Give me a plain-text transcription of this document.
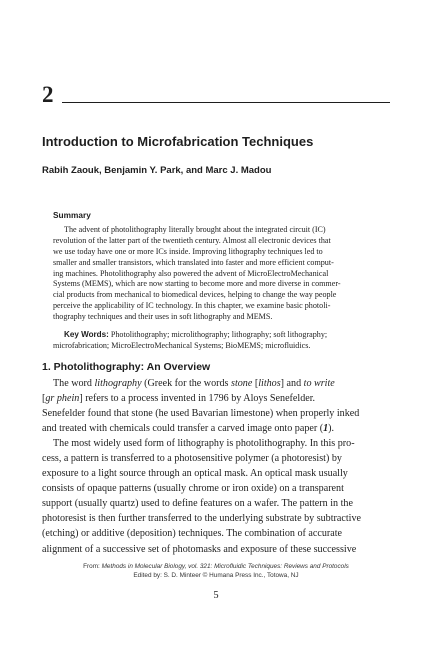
2
Introduction to Microfabrication Techniques
Rabih Zaouk, Benjamin Y. Park, and Marc J. Madou
Summary
The advent of photolithography literally brought about the integrated circuit (IC)
revolution of the latter part of the twentieth century. Almost all electronic devices that
we use today have one or more ICs inside. Improving lithography techniques led to
smaller and smaller transistors, which translated into faster and more efficient comput-
ing machines. Photolithography also powered the advent of MicroElectroMechanical
Systems (MEMS), which are now starting to become more and more diverse in commer-
cial products from mechanical to biomedical devices, helping to change the way people
perceive the applicability of IC technology. In this chapter, we examine basic photoli-
thography techniques and their uses in soft lithography and MEMS.
Key Words: Photolithography; microlithography; lithography; soft lithography;
microfabrication; MicroElectroMechanical Systems; BioMEMS; microfluidics.
1. Photolithography: An Overview
The word lithography (Greek for the words stone [lithos] and to write
[gr phein] refers to a process invented in 1796 by Aloys Senefelder.
Senefelder found that stone (he used Bavarian limestone) when properly inked
and treated with chemicals could transfer a carved image onto paper (1).
The most widely used form of lithography is photolithography. In this pro-
cess, a pattern is transferred to a photosensitive polymer (a photoresist) by
exposure to a light source through an optical mask. An optical mask usually
consists of opaque patterns (usually chrome or iron oxide) on a transparent
support (usually quartz) used to define features on a wafer. The pattern in the
photoresist is then further transferred to the underlying substrate by subtractive
(etching) or additive (deposition) techniques. The combination of accurate
alignment of a successive set of photomasks and exposure of these successive
From: Methods in Molecular Biology, vol. 321: Microfluidic Techniques: Reviews and Protocols
Edited by: S. D. Minteer © Humana Press Inc., Totowa, NJ
5
